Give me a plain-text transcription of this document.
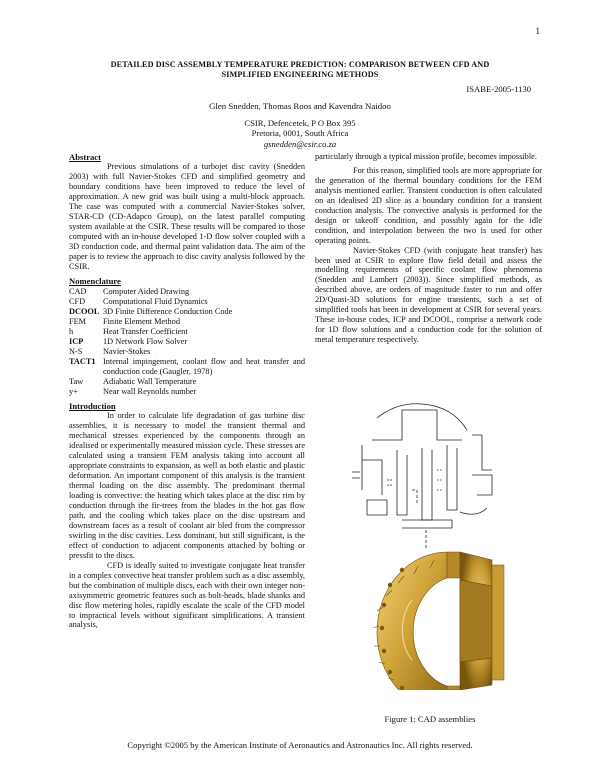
1
DETAILED DISC ASSEMBLY TEMPERATURE PREDICTION: COMPARISON BETWEEN CFD AND SIMPLIFIED ENGINEERING METHODS
ISABE-2005-1130
Glen Snedden, Thomas Roos and Kavendra Naidoo
CSIR, Defencetek, P O Box 395
Pretoria, 0001, South Africa
gsnedden@csir.co.za

Abstract

Previous simulations of a turbojet disc cavity (Snedden 2003) with full Navier-Stokes CFD and simplified geometry and boundary conditions have been improved to reduce the level of approximation. A new grid was built using a multi-block approach. The case was computed with a commercial Navier-Stokes solver, STAR-CD (CD-Adapco Group), on the latest parallel computing system available at the CSIR. These results will be compared to those computed with an in-house developed 1-D flow solver coupled with a 3D conduction code, and thermal paint validation data. The aim of the paper is to review the approach to disc cavity analysis followed by the CSIR.

Nomenclature

CAD	Computer Aided Drawing
CFD	Computational Fluid Dynamics
DCOOL	3D Finite Difference Conduction Code
FEM	Finite Element Method
h	Heat Transfer Coefficient
ICP	1D Network Flow Solver
N-S	Navier-Stokes
TACT1	Internal impingement, coolant flow and heat transfer and conduction code (Gaugler, 1978)
Taw	Adiabatic Wall Temperature
y+	Near wall Reynolds number

Introduction

In order to calculate life degradation of gas turbine disc assemblies, it is necessary to model the transient thermal and mechanical stresses experienced by the components through an idealised or experimentally measured mission cycle. These stresses are calculated using a transient FEM analysis taking into account all appropriate constraints to expansion, as well as both elastic and plastic deformation. An important component of this analysis is the transient thermal loading on the disc assembly. The predominant thermal loading is convective: the heating which takes place at the disc rim by conduction through the fir-trees from the blades in the hot gas flow path, and the cooling which takes place on the disc upstream and downstream faces as a result of coolant air bled from the compressor swirling in the disc cavities. Less dominant, but still significant, is the effect of conduction to adjacent components attached by bolting or pressfit to the discs.

CFD is ideally suited to investigate conjugate heat transfer in a complex convective heat transfer problem such as a disc assembly, but the combination of multiple discs, each with their own integer non-axisymmetric geometric features such as bolt-heads, blade shanks and disc flow metering holes, rapidly escalate the scale of the CFD model to impractical levels without significant simplifications. A transient analysis,

particularly through a typical mission profile, becomes impossible.

For this reason, simplified tools are more appropriate for the generation of the thermal boundary conditions for the FEM analysis mentioned earlier. Transient conduction is often calculated on an idealised 2D slice as a boundary condition for a transient conduction analysis. The convective analysis is performed for the design or takeoff condition, and possibly again for the idle condition, and interpolation between the two is used for other operating points.

Navier-Stokes CFD (with conjugate heat transfer) has been used at CSIR to explore flow field detail and assess the modelling requirements of specific coolant flow phenomena (Snedden and Lambert (2003)). Since simplified methods, as described above, are orders of magnitude faster to run and offer 2D/Quasi-3D solutions for engine transients, such a set of simplified tools has been in development at CSIR for several years. These in-house codes, ICP and DCOOL, comprise a network code for 1D flow solutions and a conduction code for the solution of metal temperature respectively.

Figure 1: CAD assemblies
Copyright ©2005 by the American Institute of Aeronautics and Astronautics Inc. All rights reserved.
